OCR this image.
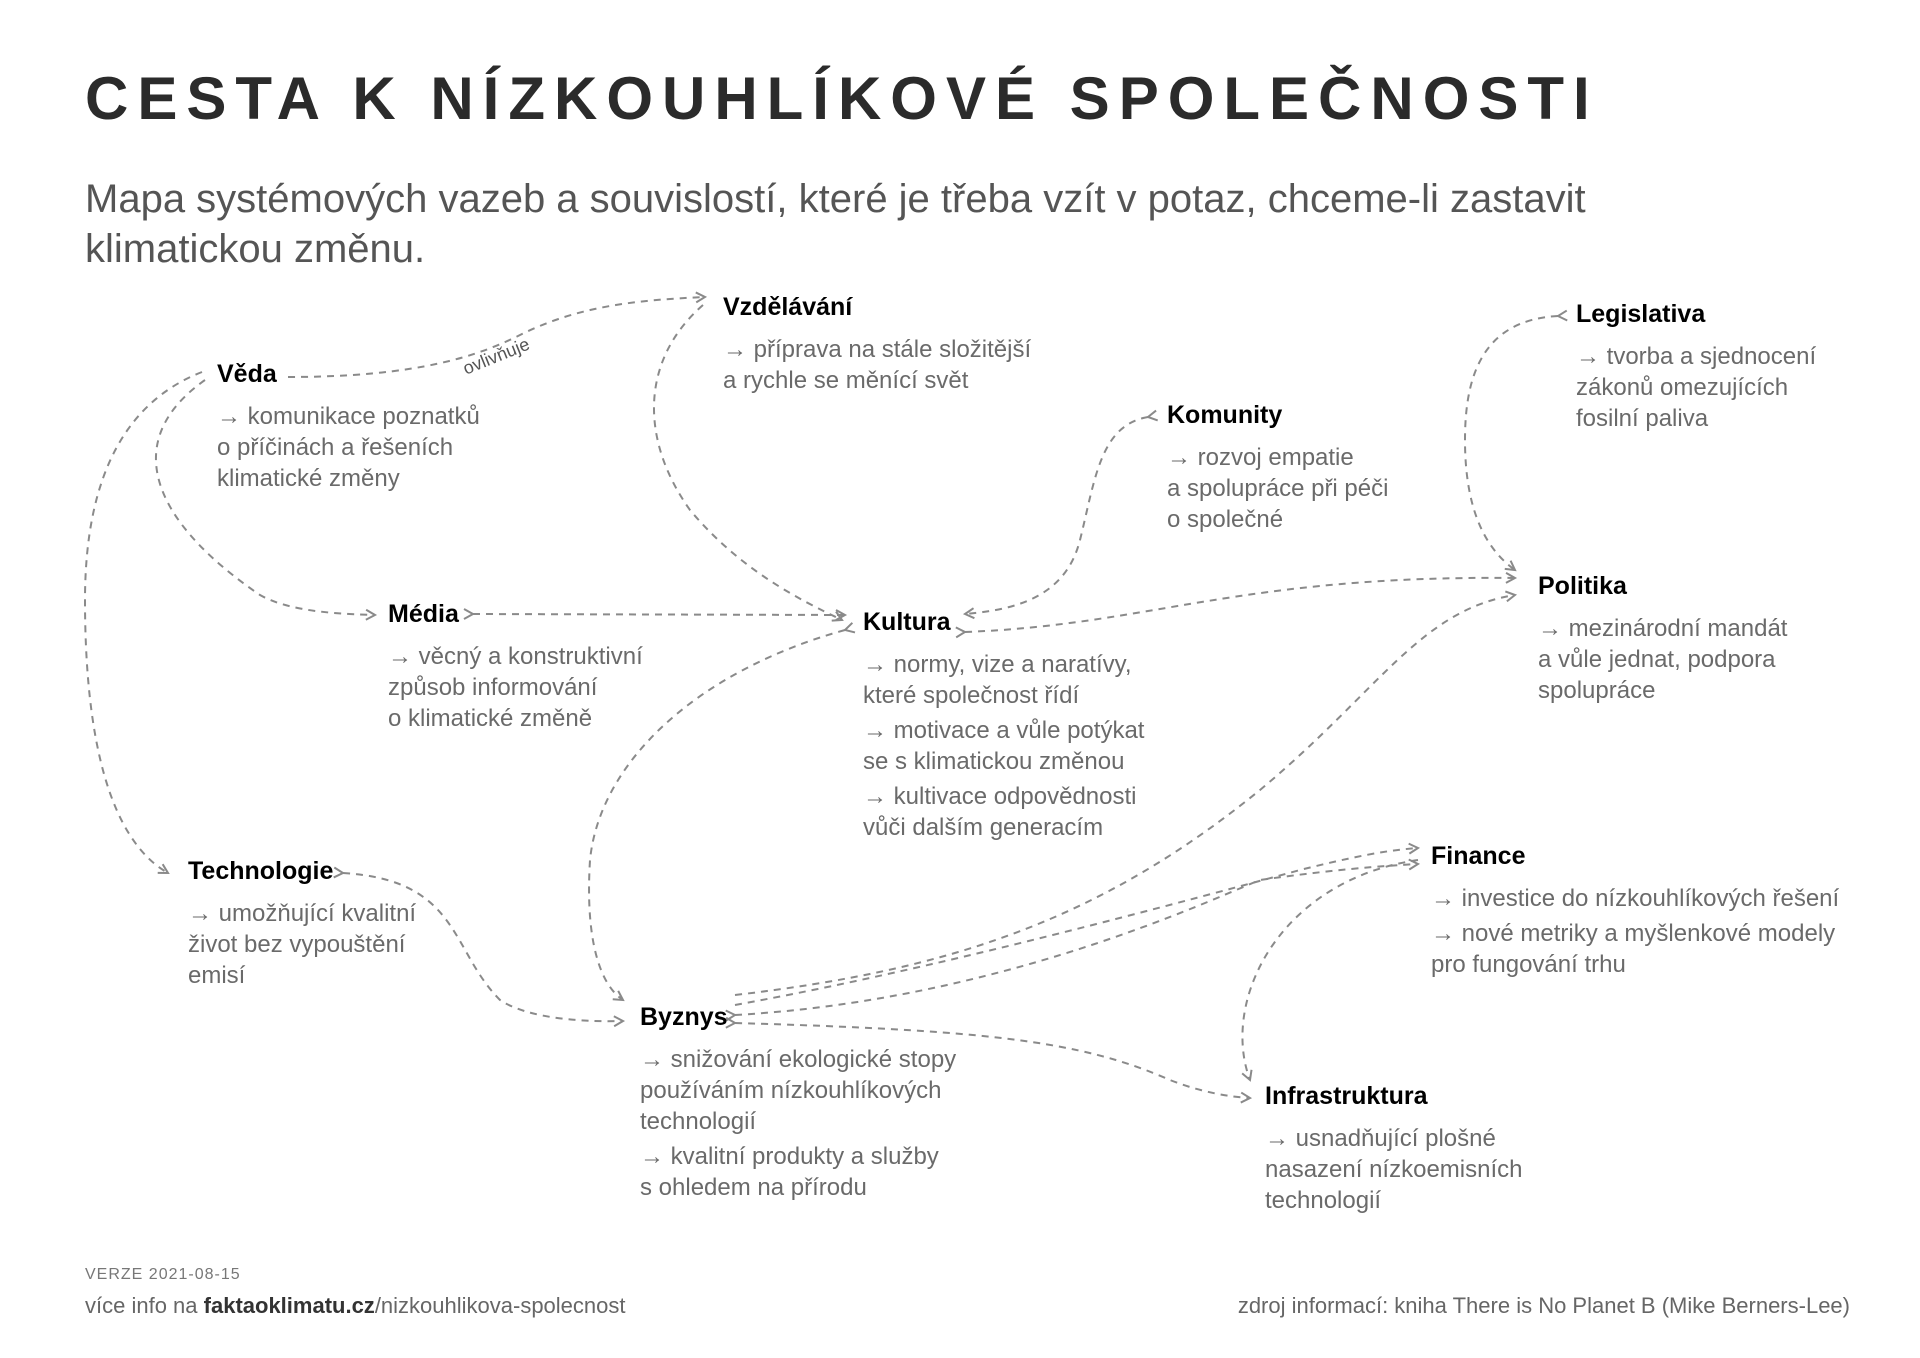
CESTA K NÍZKOUHLÍKOVÉ SPOLEČNOSTI
Mapa systémových vazeb a souvislostí, které je třeba vzít v potaz, chceme-li zastavit klimatickou změnu.
ovlivňuje
Věda
→ komunikace poznatků
o příčinách a řešeních
klimatické změny
Vzdělávání
→ příprava na stále složitější
a rychle se měnící svět
Komunity
→ rozvoj empatie
a spolupráce při péči
o společné
Legislativa
→ tvorba a sjednocení
zákonů omezujících
fosilní paliva
Média
→ věcný a konstruktivní
způsob informování
o klimatické změně
Kultura
→ normy, vize a naratívy,
které společnost řídí
→ motivace a vůle potýkat
se s klimatickou změnou
→ kultivace odpovědnosti
vůči dalším generacím
Politika
→ mezinárodní mandát
a vůle jednat, podpora
spolupráce
Technologie
→ umožňující kvalitní
život bez vypouštění
emisí
Finance
→ investice do nízkouhlíkových řešení
→ nové metriky a myšlenkové modely
pro fungování trhu
Byznys
→ snižování ekologické stopy
používáním nízkouhlíkových
technologií
→ kvalitní produkty a služby
s ohledem na přírodu
Infrastruktura
→ usnadňující plošné
nasazení nízkoemisních
technologií
VERZE 2021-08-15
více info na faktaoklimatu.cz/nizkouhlikova-spolecnost	zdroj informací: kniha There is No Planet B (Mike Berners-Lee)
